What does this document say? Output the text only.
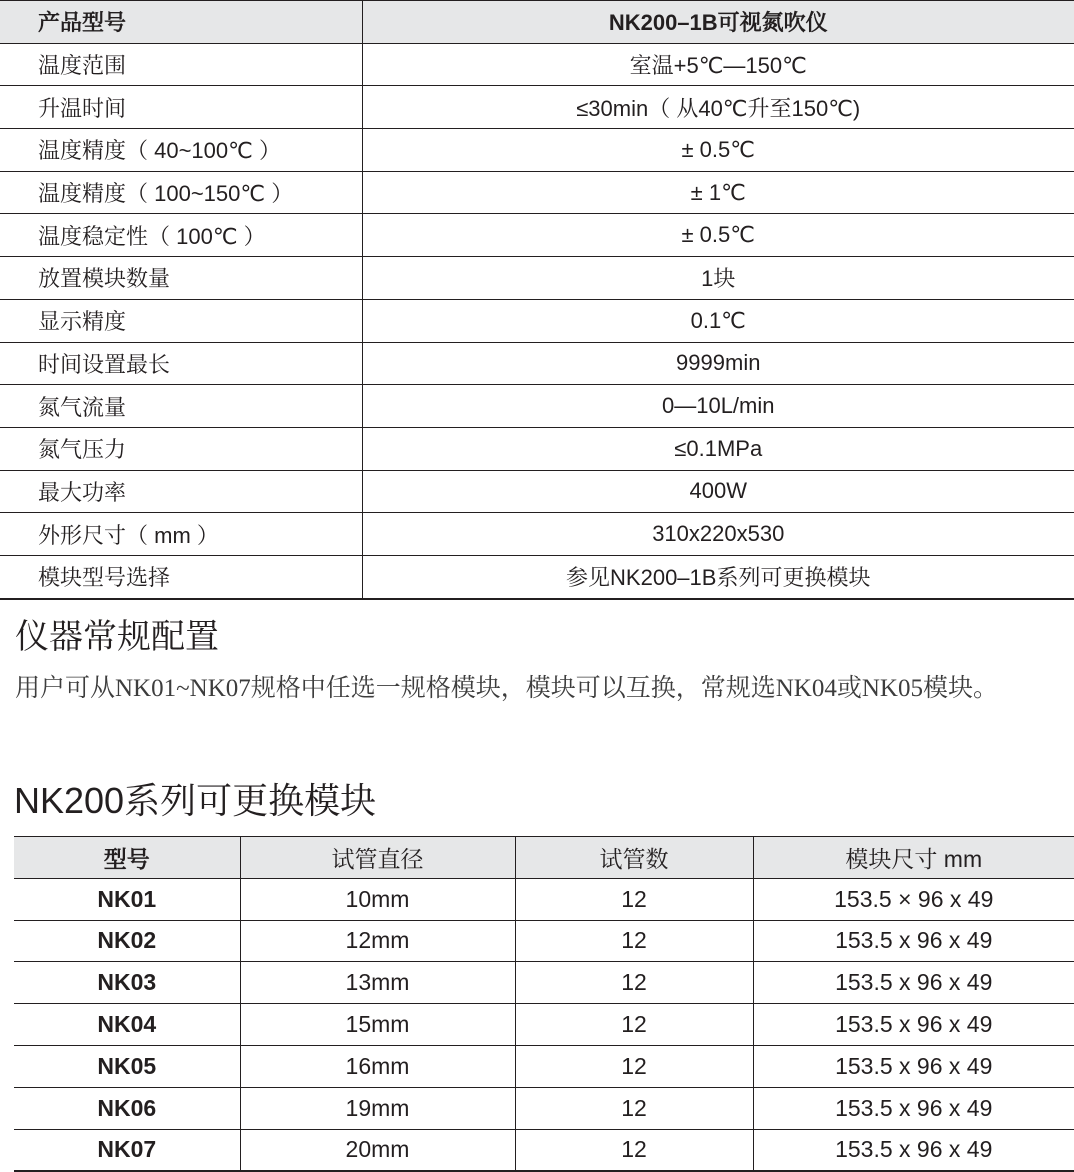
产品型号	NK200–1B可视氮吹仪
温度范围	室温+5℃—150℃
升温时间	≤30min（ 从40℃升至150℃)
温度精度（ 40~100℃ ）	± 0.5℃
温度精度（ 100~150℃ ）	± 1℃
温度稳定性（ 100℃ ）	± 0.5℃
放置模块数量	1块
显示精度	0.1℃
时间设置最长	9999min
氮气流量	0—10L/min
氮气压力	≤0.1MPa
最大功率	400W
外形尺寸（ mm ）	310x220x530
模块型号选择	参见NK200–1B系列可更换模块
仪器常规配置

用户可从NK01~NK07规格中任选一规格模块，模块可以互换，常规选NK04或NK05模块。

NK200系列可更换模块
型号	试管直径	试管数	模块尺寸 mm
NK01	10mm	12	153.5 × 96 x 49
NK02	12mm	12	153.5 x 96 x 49
NK03	13mm	12	153.5 x 96 x 49
NK04	15mm	12	153.5 x 96 x 49
NK05	16mm	12	153.5 x 96 x 49
NK06	19mm	12	153.5 x 96 x 49
NK07	20mm	12	153.5 x 96 x 49
